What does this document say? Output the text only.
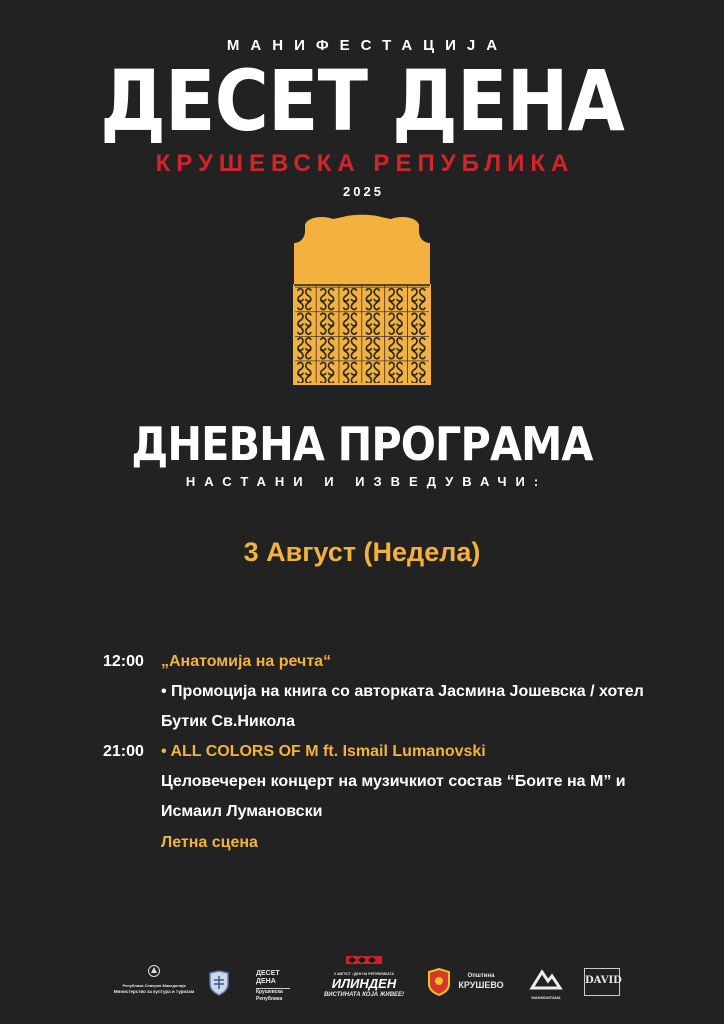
МАНИФЕСТАЦИЈА
ДЕСЕТ ДЕНА
КРУШЕВСКА РЕПУБЛИКА
2025
ДНЕВНА ПРОГРАМА
НАСТАНИ И ИЗВЕДУВАЧИ:
3 Август (Недела)
12:00 „Анатомија на речта“
• Промоција на книга со авторката Јасмина Јошевска / хотел
Бутик Св.Никола
21:00 • ALL COLORS OF M ft. Ismail Lumanovski
Целовечерен концерт на музичкиот состав “Боите на М” и
Исмаил Лумановски
Летна сцена
Република Северна Македонија
Министерство за култура и туризам
ДЕСЕТ ДЕНА
Крушевска Република
2 АВГУСТ • ДЕН НА РЕПУБЛИКАТА
ИЛИНДЕН
ВИСТИНАТА КОЈА ЖИВЕЕ!
Општина
КРУШЕВО
MAKMONTANA
DAVID
